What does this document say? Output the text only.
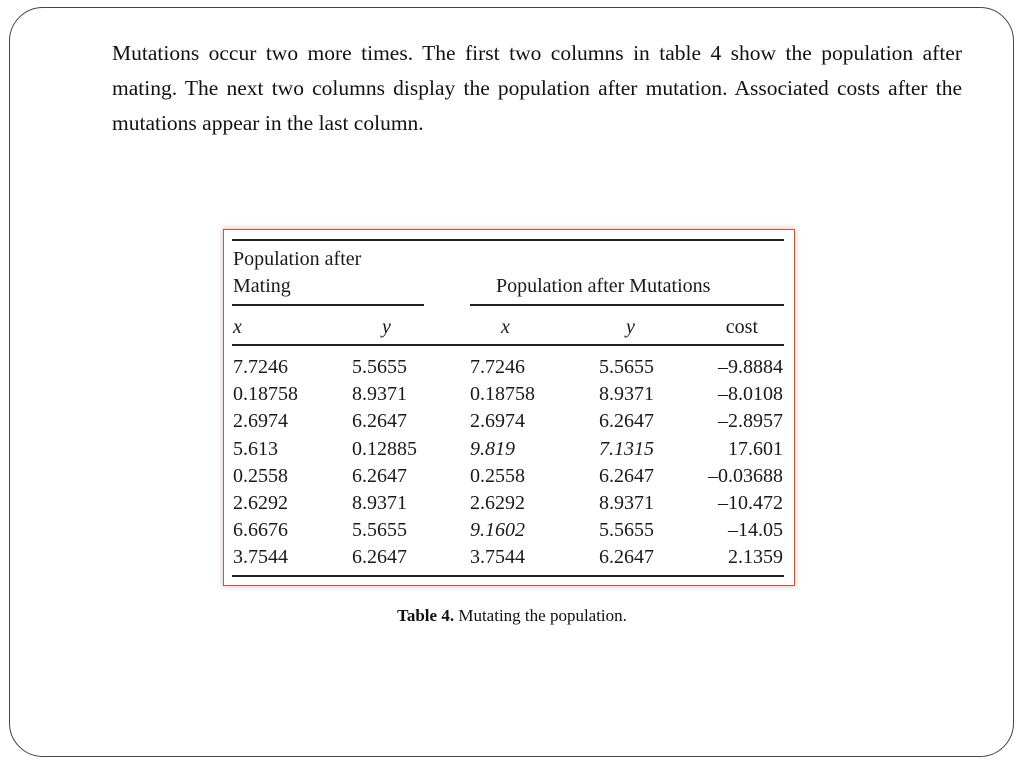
Mutations occur two more times. The first two columns in table 4 show the population after mating. The next two columns display the population after mutation. Associated costs after the mutations appear in the last column.

Population after
Mating	Population after Mutations
x	y	x	y	cost
7.7246	5.5655	7.7246	5.5655	–9.8884
0.18758	8.9371	0.18758	8.9371	–8.0108
2.6974	6.2647	2.6974	6.2647	–2.8957
5.613	0.12885	9.819	7.1315	17.601
0.2558	6.2647	0.2558	6.2647	–0.03688
2.6292	8.9371	2.6292	8.9371	–10.472
6.6676	5.5655	9.1602	5.5655	–14.05
3.7544	6.2647	3.7544	6.2647	2.1359
Table 4. Mutating the population.
